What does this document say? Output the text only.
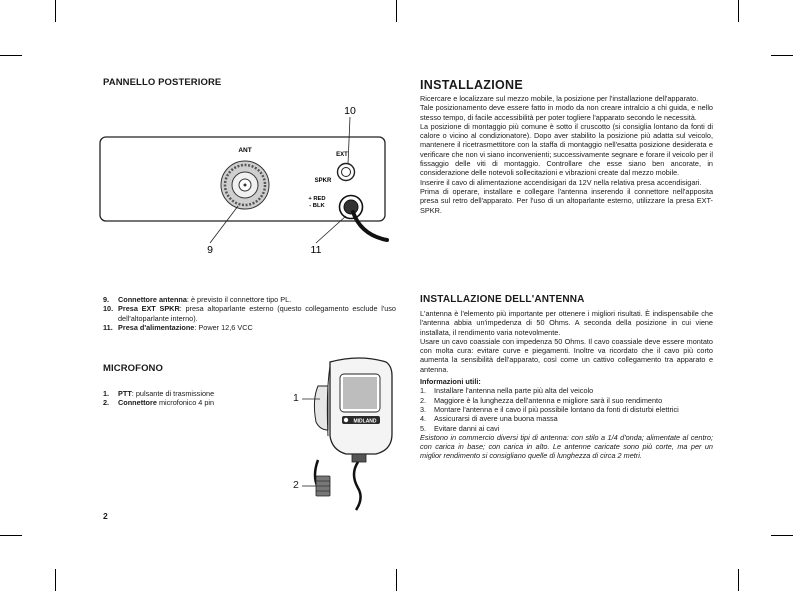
PANNELLO POSTERIORE
ANT
EXT
SPKR
+ RED
- BLK
9
10
11
9.	Connettore antenna: è previsto il connettore tipo PL.
10. Presa EXT SPKR: presa altoparlante esterno (questo collegamento esclude l'uso dell'altoparlante interno).
11. Presa d'alimentazione: Power 12,6 VCC
MICROFONO
1.	PTT: pulsante di trasmissione
2.	Connettore microfonico 4 pin
MIDLAND
1
2
2
INSTALLAZIONE
Ricercare e localizzare sul mezzo mobile, la posizione per l'installazione dell'apparato.
Tale posizionamento deve essere fatto in modo da non creare intralcio a chi guida, e nello stesso tempo, di facile accessibilità per poter togliere l'apparato secondo le necessità.
La posizione di montaggio più comune è sotto il cruscotto (si consiglia lontano da fonti di calore o vicino al condizionatore). Dopo aver stabilito la posizione più adatta sul veicolo, mantenere il ricetrasmettitore con la staffa di montaggio nell'esatta posizione desiderata e verificare che non vi siano inconvenienti; successivamente segnare e forare il veicolo per il fissaggio delle viti di montaggio. Controllare che esse siano ben ancorate, in considerazione delle notevoli sollecitazioni e vibrazioni create dal mezzo mobile.
Inserire il cavo di alimentazione accendisigari da 12V nella relativa presa accendisigari.
Prima di operare, installare e collegare l'antenna inserendo il connettore nell'apposita presa sul retro dell'apparato. Per l'uso di un altoparlante esterno, utilizzare la presa EXT-SPKR.
INSTALLAZIONE DELL'ANTENNA
L'antenna è l'elemento più importante per ottenere i migliori risultati. È indispensabile che l'antenna abbia un'impedenza di 50 Ohms. A seconda della posizione in cui viene installata, il rendimento varia notevolmente.
Usare un cavo coassiale con impedenza 50 Ohms. Il cavo coassiale deve essere montato con molta cura: evitare curve e piegamenti. Inoltre va ricordato che il cavo più corto aumenta la sensibilità dell'apparato, così come un cattivo collegamento tra apparato e antenna.
Informazioni utili:
1.	Installare l'antenna nella parte più alta del veicolo
2.	Maggiore è la lunghezza dell'antenna e migliore sarà il suo rendimento
3.	Montare l'antenna e il cavo il più possibile lontano da fonti di disturbi elettrici
4.	Assicurarsi di avere una buona massa
5.	Evitare danni ai cavi
Esistono in commercio diversi tipi di antenna: con stilo a 1/4 d'onda; alimentate al centro; con carica in base; con carica in alto. Le antenne caricate sono più corte, ma per un miglior rendimento si consigliano quelle di lunghezza di circa 2 metri.
